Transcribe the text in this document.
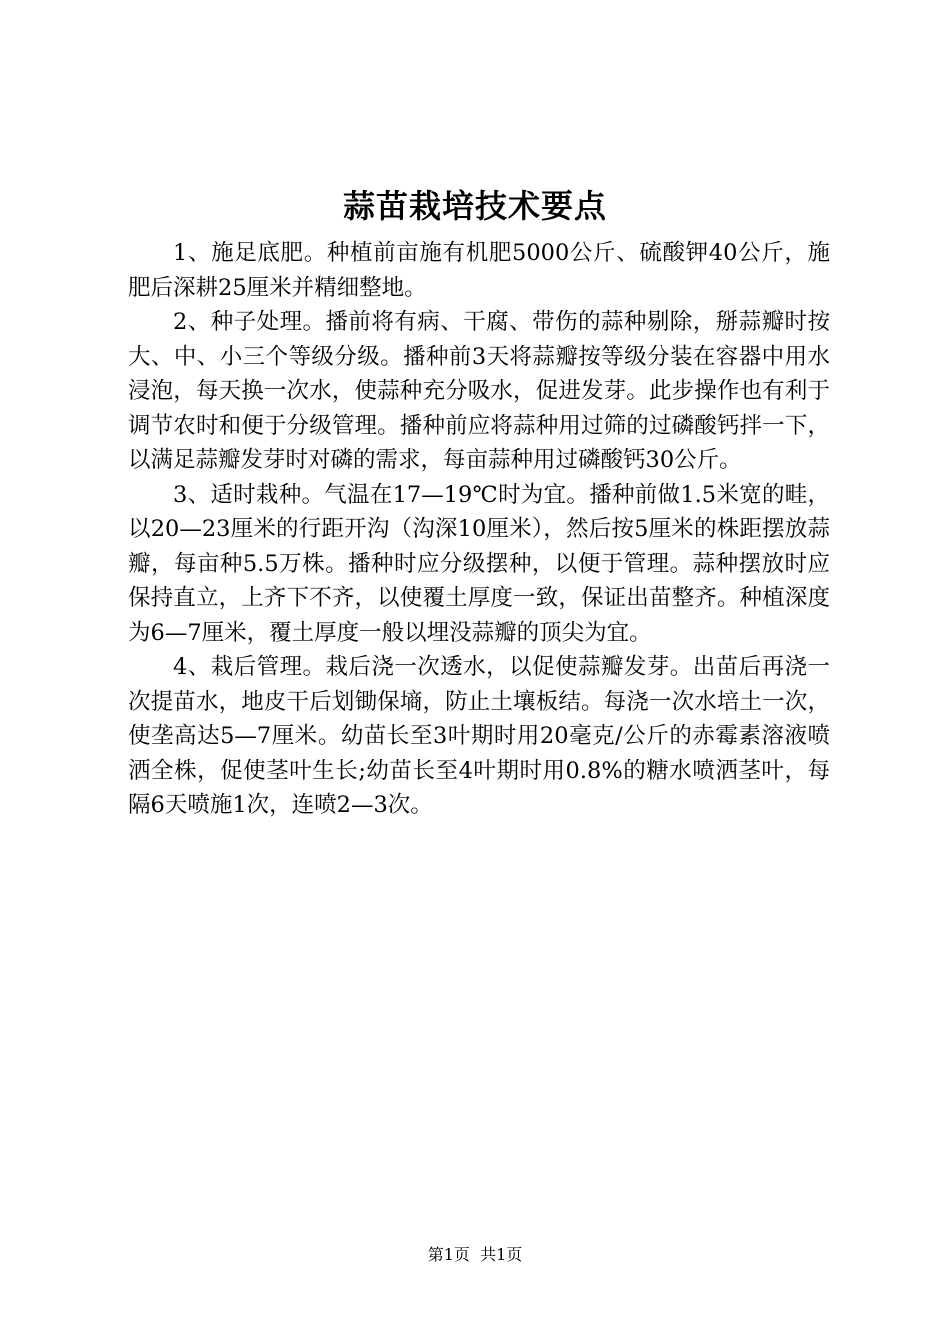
蒜苗栽培技术要点

1、施足底肥。种植前亩施有机肥5000公斤、硫酸钾40公斤，施肥后深耕25厘米并精细整地。

2、种子处理。播前将有病、干腐、带伤的蒜种剔除，掰蒜瓣时按大、中、小三个等级分级。播种前3天将蒜瓣按等级分装在容器中用水浸泡，每天换一次水，使蒜种充分吸水，促进发芽。此步操作也有利于调节农时和便于分级管理。播种前应将蒜种用过筛的过磷酸钙拌一下，以满足蒜瓣发芽时对磷的需求，每亩蒜种用过磷酸钙30公斤。

3、适时栽种。气温在17—19℃时为宜。播种前做1.5米宽的畦，以20—23厘米的行距开沟（沟深10厘米），然后按5厘米的株距摆放蒜瓣，每亩种5.5万株。播种时应分级摆种，以便于管理。蒜种摆放时应保持直立，上齐下不齐，以使覆土厚度一致，保证出苗整齐。种植深度为6—7厘米，覆土厚度一般以埋没蒜瓣的顶尖为宜。

4、栽后管理。栽后浇一次透水，以促使蒜瓣发芽。出苗后再浇一次提苗水，地皮干后划锄保墒，防止土壤板结。每浇一次水培土一次，使垄高达5—7厘米。幼苗长至3叶期时用20毫克/公斤的赤霉素溶液喷洒全株，促使茎叶生长;幼苗长至4叶期时用0.8%的糖水喷洒茎叶，每隔6天喷施1次，连喷2—3次。

第1页 共1页
